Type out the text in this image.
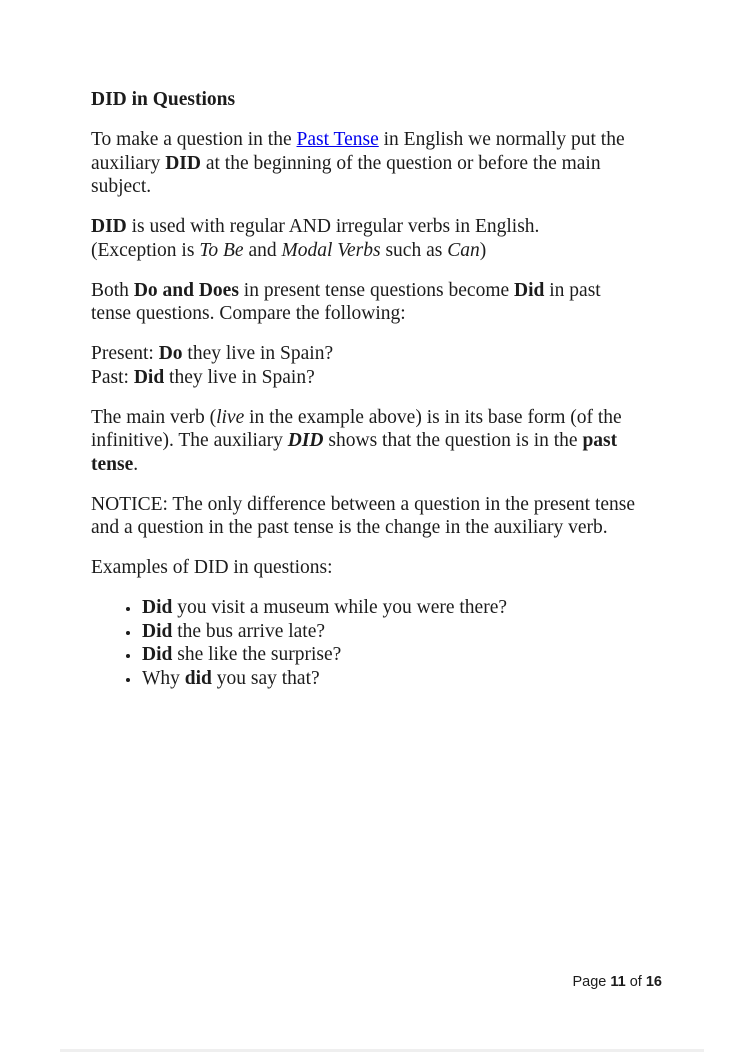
DID in Questions

To make a question in the Past Tense in English we normally put the
auxiliary DID at the beginning of the question or before the main
subject.

DID is used with regular AND irregular verbs in English.
(Exception is To Be and Modal Verbs such as Can)

Both Do and Does in present tense questions become Did in past
tense questions. Compare the following:

Present: Do they live in Spain?
Past: Did they live in Spain?

The main verb (live in the example above) is in its base form (of the
infinitive). The auxiliary DID shows that the question is in the past
tense.

NOTICE: The only difference between a question in the present tense
and a question in the past tense is the change in the auxiliary verb.

Examples of DID in questions:

Did you visit a museum while you were there?
Did the bus arrive late?
Did she like the surprise?
Why did you say that?
Page 11 of 16
